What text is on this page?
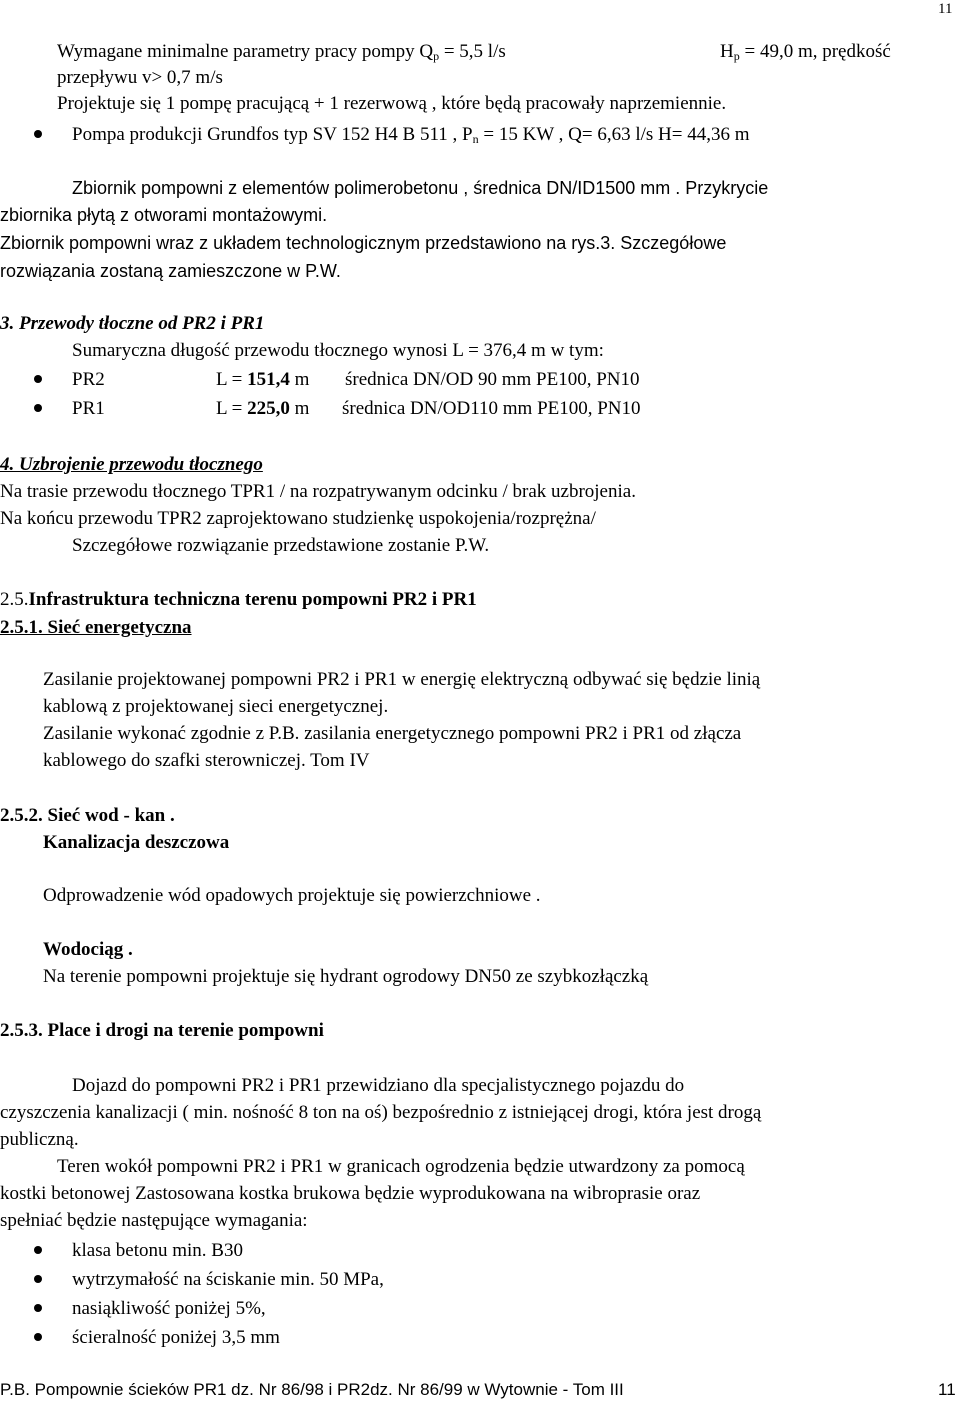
11
Wymagane minimalne parametry pracy pompy $Q_p = 5,5$ l/s	$H_p = 49,0$ m, prędkość
przepływu v> 0,7 m/s
Projektuje się 1 pompę pracującą + 1 rezerwową , które będą pracowały naprzemiennie.
Pompa produkcji Grundfos typ SV 152 H4 B 511 , $P_n = 15$ KW , Q= 6,63 l/s H= 44,36 m
Zbiornik pompowni z elementów polimerobetonu , średnica DN/ID1500 mm . Przykrycie
zbiornika płytą z otworami montażowymi.
Zbiornik pompowni wraz z układem technologicznym przedstawiono na rys.3. Szczegółowe
rozwiązania zostaną zamieszczone w P.W.
3. Przewody tłoczne od PR2 i PR1
Sumaryczna długość przewodu tłocznego wynosi L = 376,4 m w tym:
PR2	L = 151,4 m średnica DN/OD 90 mm PE100, PN10
PR1	L = 225,0 m średnica DN/OD110 mm PE100, PN10
4. Uzbrojenie przewodu tłocznego
Na trasie przewodu tłocznego TPR1 / na rozpatrywanym odcinku / brak uzbrojenia.
Na końcu przewodu TPR2 zaprojektowano studzienkę uspokojenia/rozprężna/
Szczegółowe rozwiązanie przedstawione zostanie P.W.
2.5.Infrastruktura techniczna terenu pompowni PR2 i PR1
2.5.1. Sieć energetyczna
Zasilanie projektowanej pompowni PR2 i PR1 w energię elektryczną odbywać się będzie linią
kablową z projektowanej sieci energetycznej.
Zasilanie wykonać zgodnie z P.B. zasilania energetycznego pompowni PR2 i PR1 od złącza
kablowego do szafki sterowniczej. Tom IV
2.5.2. Sieć wod - kan .
Kanalizacja deszczowa
Odprowadzenie wód opadowych projektuje się powierzchniowe .
Wodociąg .
Na terenie pompowni projektuje się hydrant ogrodowy DN50 ze szybkozłączką
2.5.3. Place i drogi na terenie pompowni
Dojazd do pompowni PR2 i PR1 przewidziano dla specjalistycznego pojazdu do
czyszczenia kanalizacji ( min. nośność 8 ton na oś) bezpośrednio z istniejącej drogi, która jest drogą
publiczną.
Teren wokół pompowni PR2 i PR1 w granicach ogrodzenia będzie utwardzony za pomocą
kostki betonowej Zastosowana kostka brukowa będzie wyprodukowana na wibroprasie oraz
spełniać będzie następujące wymagania:
klasa betonu min. B30
wytrzymałość na ściskanie min. 50 MPa,
nasiąkliwość poniżej 5%,
ścieralność poniżej 3,5 mm
P.B. Pompownie ścieków PR1 dz. Nr 86/98 i PR2dz. Nr 86/99 w Wytownie - Tom III	11
